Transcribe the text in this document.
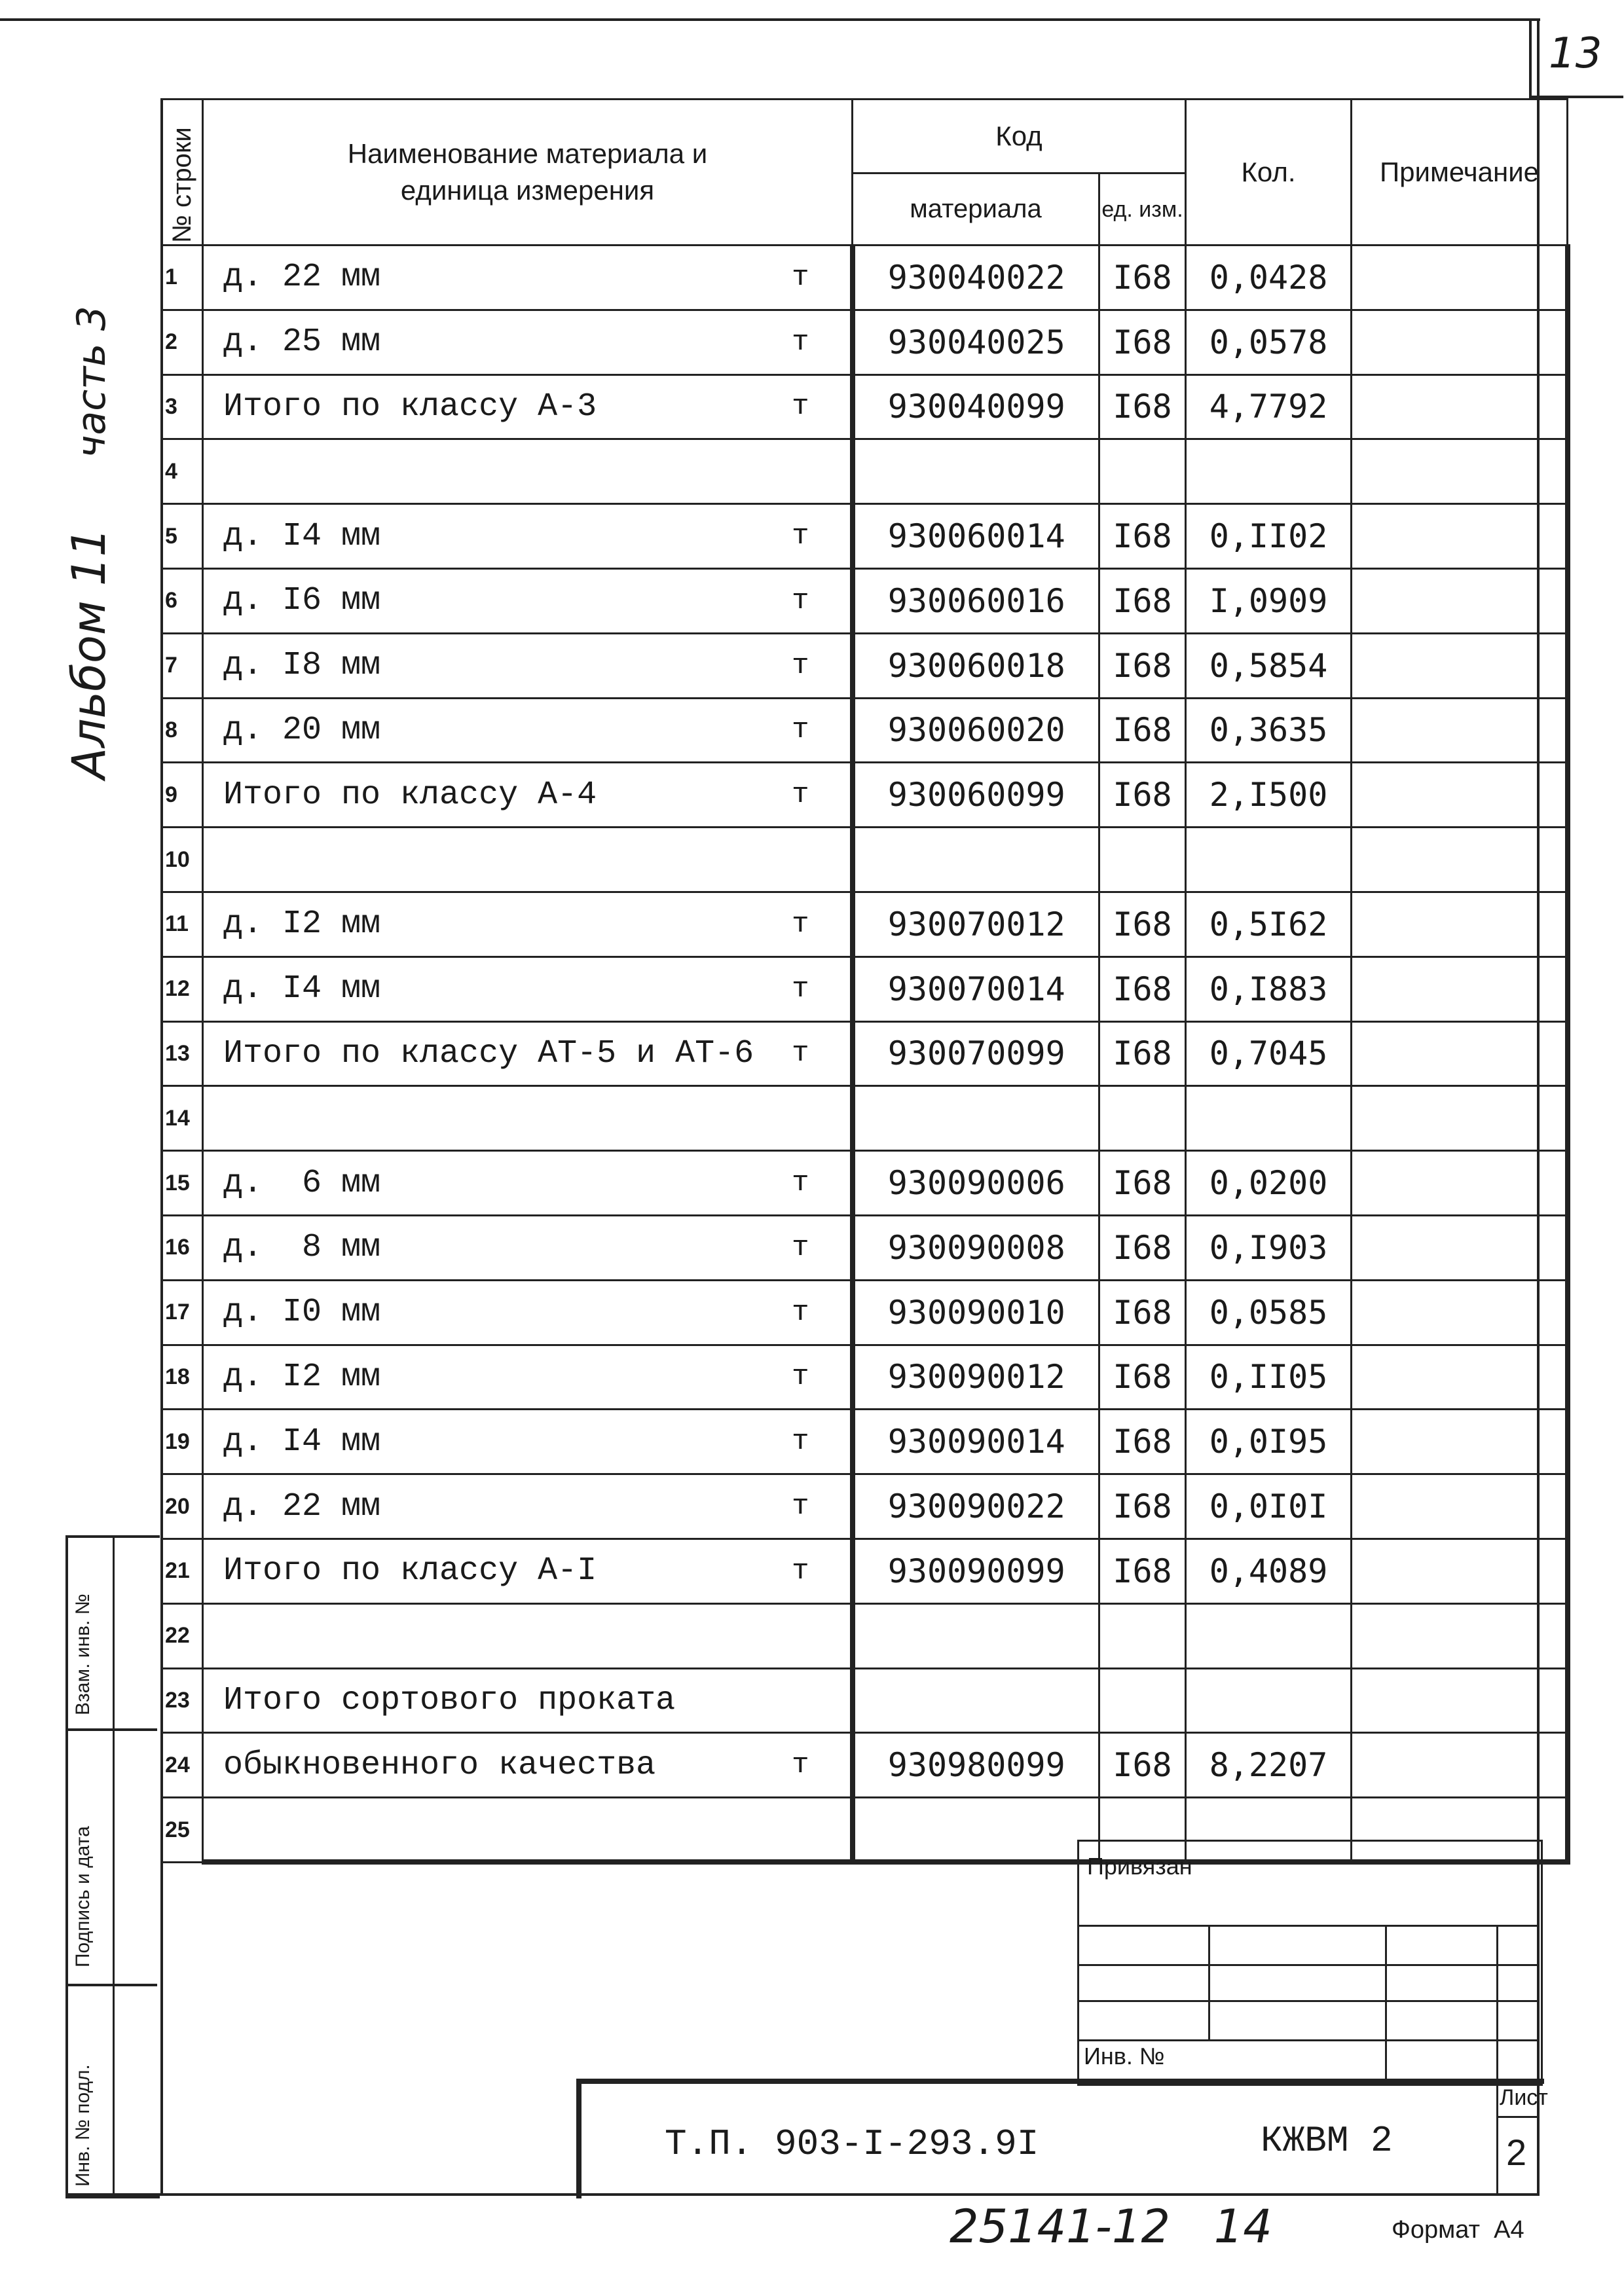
13
Альбом 11
часть 3
№ строки	Наименование материала и единица измерения	Код		Кол.	Примечание
		материала	ед. изм.		
1	д. 22 мм т	930040022	I68	0,0428	
2	д. 25 мм т	930040025	I68	0,0578	
3	Итого по классу А-3 т	930040099	I68	4,7792	
4	

5	д. I4 мм т	930060014	I68	0,II02	
6	д. I6 мм т	930060016	I68	I,0909	
7	д. I8 мм т	930060018	I68	0,5854	
8	д. 20 мм т	930060020	I68	0,3635	
9	Итого по классу А-4 т	930060099	I68	2,I500	
10	

11	д. I2 мм т	930070012	I68	0,5I62	
12	д. I4 мм т	930070014	I68	0,I883	
13	Итого по классу АТ-5 и АТ-6 т	930070099	I68	0,7045	
14	

15	д.  6 мм т	930090006	I68	0,0200	
16	д.  8 мм т	930090008	I68	0,I903	
17	д. I0 мм т	930090010	I68	0,0585	
18	д. I2 мм т	930090012	I68	0,II05	
19	д. I4 мм т	930090014	I68	0,0I95	
20	д. 22 мм т	930090022	I68	0,0I0I	
21	Итого по классу А-I т	930090099	I68	0,4089	
22	

23	Итого сортового проката

24	обыкновенного качества т	930980099	I68	8,2207	
25	

Взам. инв. №
Подпись и дата
Инв. № подл.
Привязан
Инв. №
Т.П. 903-I-293.9I	КЖВМ 2
Лист
2
25141-12   14	Формат  А4
